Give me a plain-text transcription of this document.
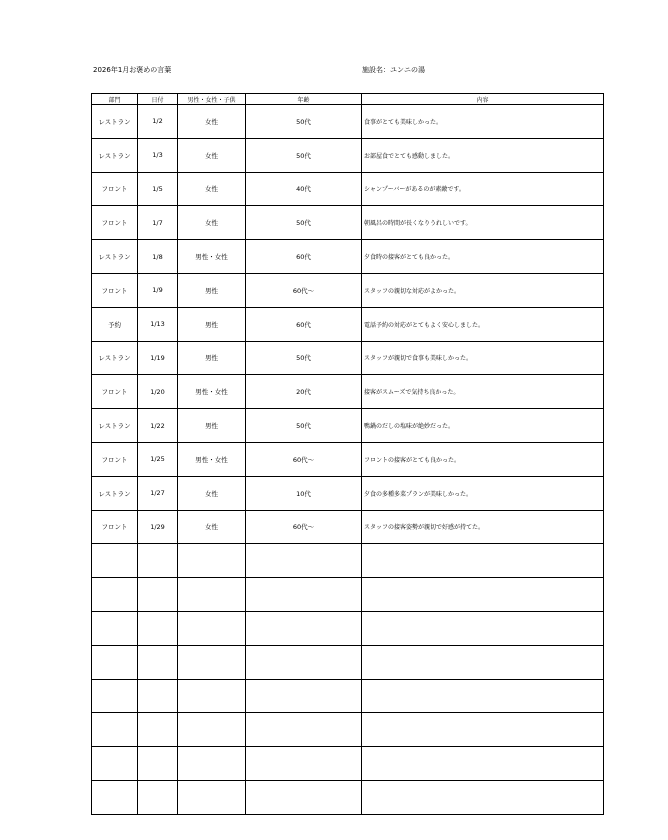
2026年1月お褒めの言葉	施設名：ユンニの湯
部門	日付	男性・女性・子供	年齢	内容
レストラン	1/2	女性	50代	食事がとても美味しかった。
レストラン	1/3	女性	50代	お部屋食でとても感動しました。
フロント	1/5	女性	40代	シャンプーバーがあるのが素敵です。
フロント	1/7	女性	50代	朝風呂の時間が長くなりうれしいです。
レストラン	1/8	男性・女性	60代	夕食時の接客がとても良かった。
フロント	1/9	男性	60代～	スタッフの親切な対応がよかった。
予約	1/13	男性	60代	電話予約の対応がとてもよく安心しました。
レストラン	1/19	男性	50代	スタッフが親切で食事も美味しかった。
フロント	1/20	男性・女性	20代	接客がスムーズで気持ち良かった。
レストラン	1/22	男性	50代	鴨鍋のだしの塩味が絶妙だった。
フロント	1/25	男性・女性	60代～	フロントの接客がとても良かった。
レストラン	1/27	女性	10代	夕食の多種多菜プランが美味しかった。
フロント	1/29	女性	60代～	スタッフの接客姿勢が親切で好感が持てた。
